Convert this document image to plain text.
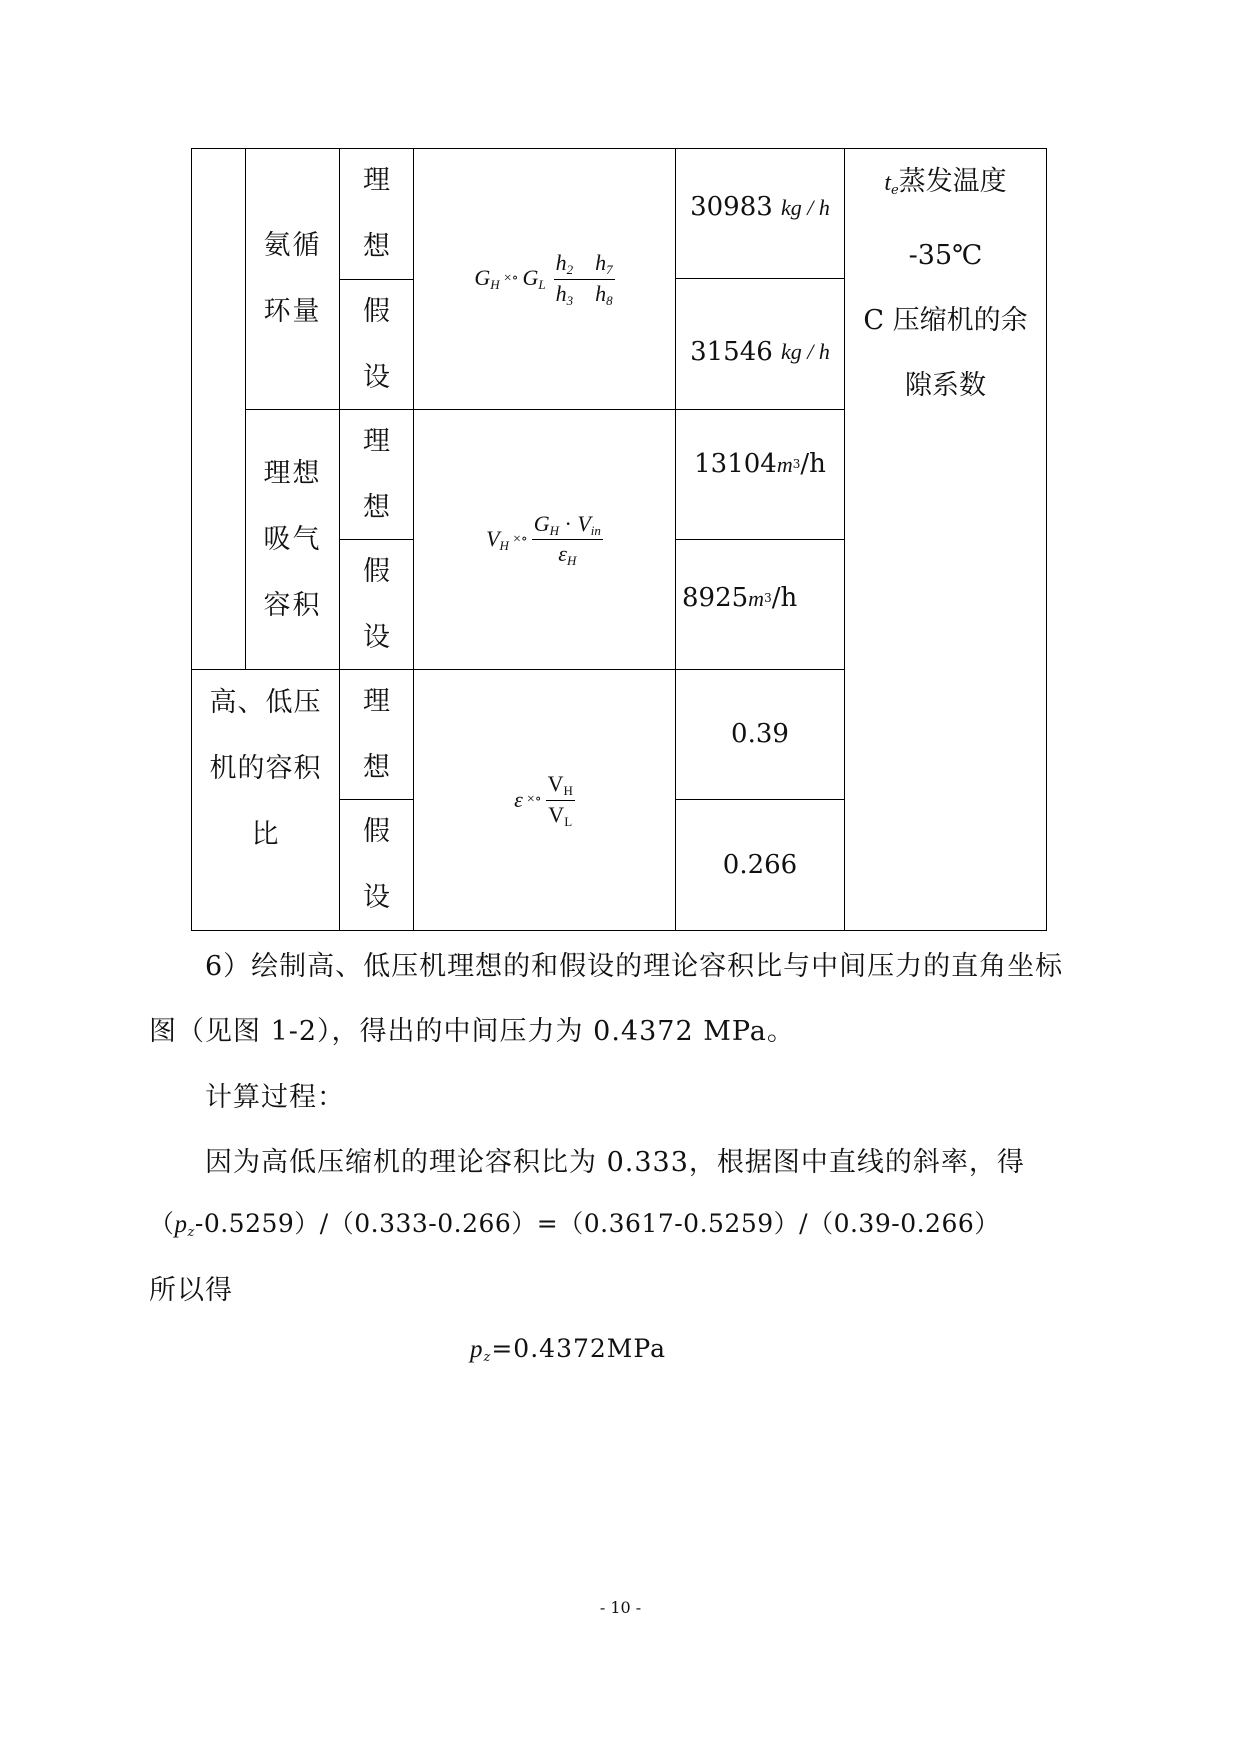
氨循
环量
理
想
假
设
$G_H$ ×∘ $G_L \frac{h_2 h_7}{h_3 h_8}$
30983
kg / h
31546
kg / h
$t_e$蒸发温度
-35℃
C 压缩机的余
隙系数
理想
吸气
容积
理
想
假
设
$V_H$ ×∘ $\frac{G_H \cdot V_{in}}{\varepsilon_H}$
13104 m 3 /h
8925 m 3 /h
高、低压
机的容积
比
理
想
假
设
ε ×∘ $\frac{V_H}{V_L}$
0.39
0.266
6）绘制高、低压机理想的和假设的理论容积比与中间压力的直角坐标
图（见图 1-2），得出的中间压力为 0.4372 MPa。
计算过程：
因为高低压缩机的理论容积比为 0.333，根据图中直线的斜率，得
$(p_z-0.5259)/(0.333-0.266)=(0.3617-0.5259)/(0.39-0.266)$
所以得
$p_z=0.4372MPa$
- 10 -
